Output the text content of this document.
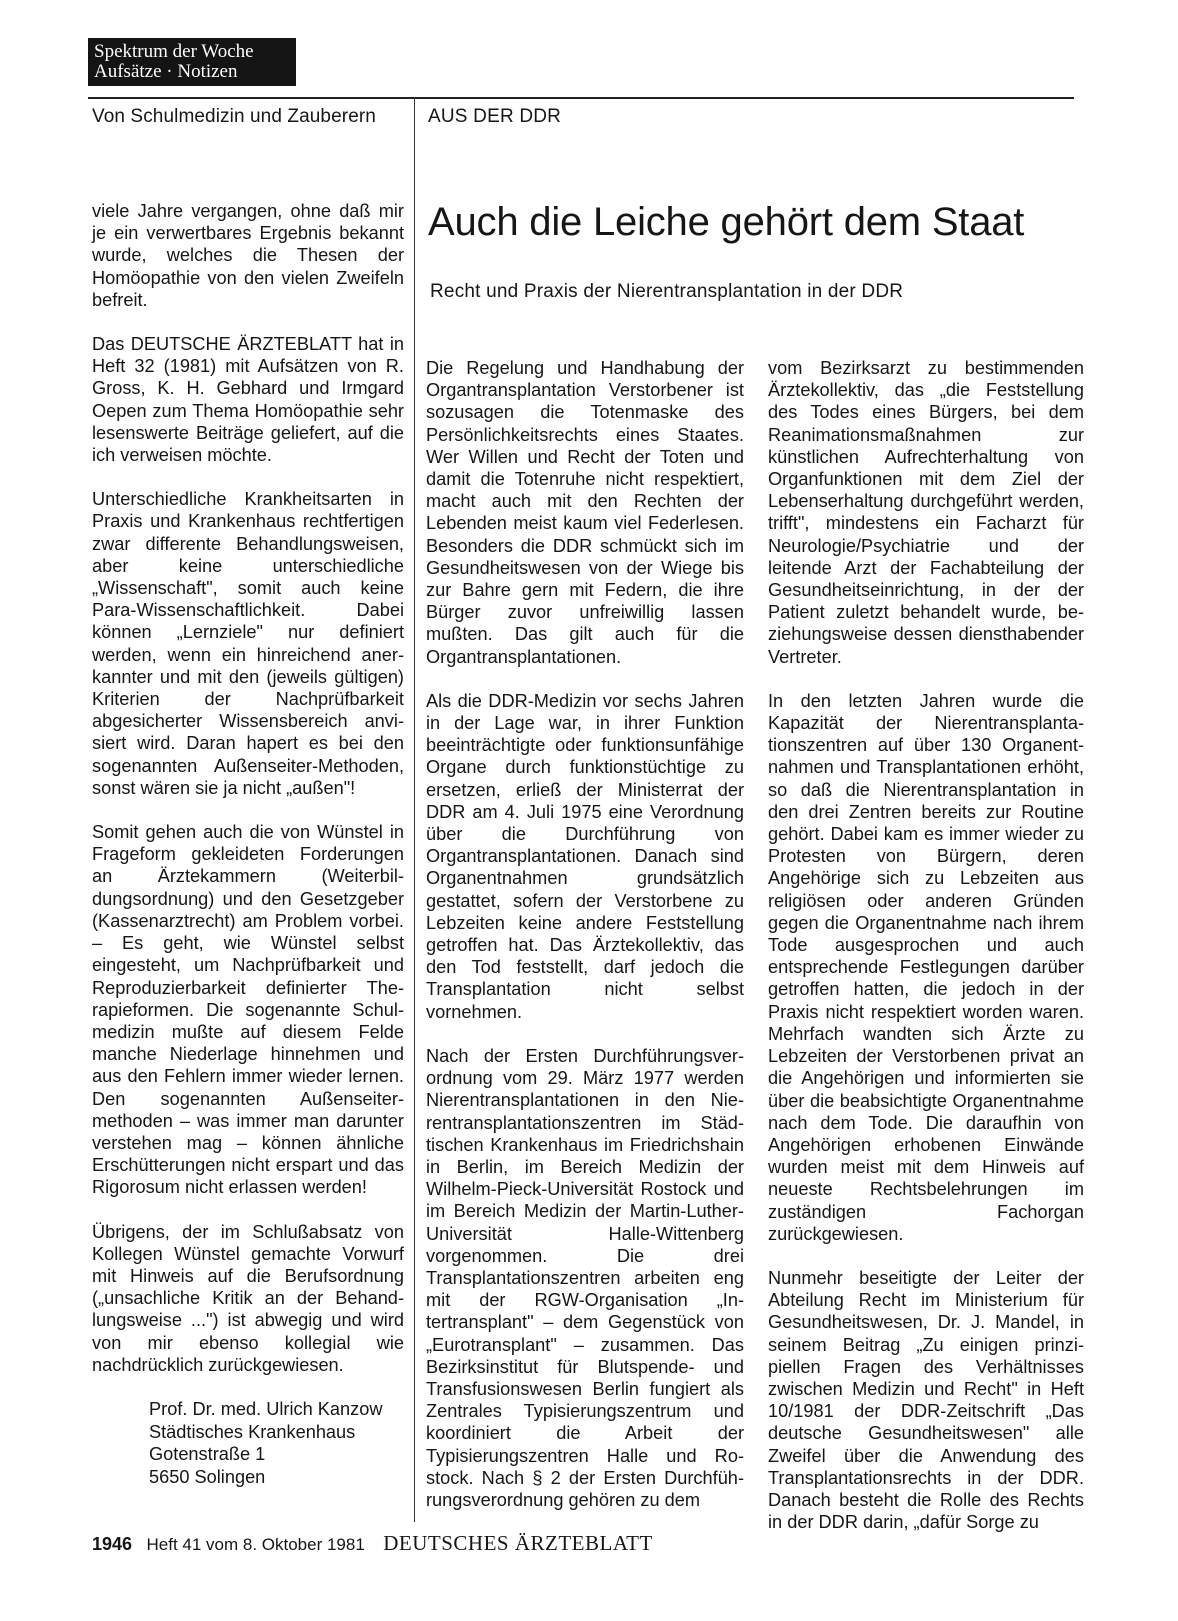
Spektrum der Woche
Aufsätze · Notizen
Von Schulmedizin und Zauberern	AUS DER DDR
Auch die Leiche gehört dem Staat
Recht und Praxis der Nierentransplantation in der DDR

viele Jahre vergangen, ohne daß mir je ein verwertbares Ergebnis bekannt wurde, welches die Thesen der Homöopathie von den vielen Zweifeln befreit.

Das DEUTSCHE ÄRZTEBLATT hat in Heft 32 (1981) mit Aufsätzen von R. Gross, K. H. Gebhard und Irmgard Oepen zum Thema Homöopathie sehr lesenswerte Beiträge geliefert, auf die ich verweisen möchte.

Unterschiedliche Krankheitsarten in Praxis und Krankenhaus rechtfertigen zwar differente Behandlungsweisen, aber keine unterschiedliche „Wissenschaft", somit auch keine Para-Wissenschaftlichkeit. Dabei können „Lernziele" nur definiert werden, wenn ein hinreichend anerkannter und mit den (jeweils gültigen) Kriterien der Nachprüfbarkeit abgesicherter Wissensbereich anvisiert wird. Daran hapert es bei den sogenannten Außenseiter-Methoden, sonst wären sie ja nicht „außen"!

Somit gehen auch die von Wünstel in Frageform gekleideten Forderungen an Ärztekammern (Weiterbildungsordnung) und den Gesetzgeber (Kassenarztrecht) am Problem vorbei. – Es geht, wie Wünstel selbst eingesteht, um Nachprüfbarkeit und Reproduzierbarkeit definierter Therapieformen. Die sogenannte Schulmedizin mußte auf diesem Felde manche Niederlage hinnehmen und aus den Fehlern immer wieder lernen. Den sogenannten Außenseitermethoden – was immer man darunter verstehen mag – können ähnliche Erschütterungen nicht erspart und das Rigorosum nicht erlassen werden!

Übrigens, der im Schlußabsatz von Kollegen Wünstel gemachte Vorwurf mit Hinweis auf die Berufsordnung („unsachliche Kritik an der Behandlungsweise ...") ist abwegig und wird von mir ebenso kollegial wie nachdrücklich zurückgewiesen.

Prof. Dr. med. Ulrich Kanzow
Städtisches Krankenhaus
Gotenstraße 1
5650 Solingen

Die Regelung und Handhabung der Organtransplantation Verstorbener ist sozusagen die Totenmaske des Persönlichkeitsrechts eines Staates. Wer Willen und Recht der Toten und damit die Totenruhe nicht respektiert, macht auch mit den Rechten der Lebenden meist kaum viel Federlesen. Besonders die DDR schmückt sich im Gesundheitswesen von der Wiege bis zur Bahre gern mit Federn, die ihre Bürger zuvor unfreiwillig lassen mußten. Das gilt auch für die Organtransplantationen.

Als die DDR-Medizin vor sechs Jahren in der Lage war, in ihrer Funktion beeinträchtigte oder funktionsunfähige Organe durch funktionstüchtige zu ersetzen, erließ der Ministerrat der DDR am 4. Juli 1975 eine Verordnung über die Durchführung von Organtransplantationen. Danach sind Organentnahmen grundsätzlich gestattet, sofern der Verstorbene zu Lebzeiten keine andere Feststellung getroffen hat. Das Ärztekollektiv, das den Tod feststellt, darf jedoch die Transplantation nicht selbst vornehmen.

Nach der Ersten Durchführungsverordnung vom 29. März 1977 werden Nierentransplantationen in den Nierentransplantationszentren im Städtischen Krankenhaus im Friedrichshain in Berlin, im Bereich Medizin der Wilhelm-Pieck-Universität Rostock und im Bereich Medizin der Martin-Luther-Universität Halle-Wittenberg vorgenommen. Die drei Transplantationszentren arbeiten eng mit der RGW-Organisation „Intertransplant" – dem Gegenstück von „Eurotransplant" – zusammen. Das Bezirksinstitut für Blutspende- und Transfusionswesen Berlin fungiert als Zentrales Typisierungszentrum und koordiniert die Arbeit der Typisierungszentren Halle und Rostock. Nach § 2 der Ersten Durchführungsverordnung gehören zu dem

vom Bezirksarzt zu bestimmenden Ärztekollektiv, das „die Feststellung des Todes eines Bürgers, bei dem Reanimationsmaßnahmen zur künstlichen Aufrechterhaltung von Organfunktionen mit dem Ziel der Lebenserhaltung durchgeführt werden, trifft", mindestens ein Facharzt für Neurologie/Psychiatrie und der leitende Arzt der Fachabteilung der Gesundheitseinrichtung, in der der Patient zuletzt behandelt wurde, beziehungsweise dessen diensthabender Vertreter.

In den letzten Jahren wurde die Kapazität der Nierentransplantationszentren auf über 130 Organentnahmen und Transplantationen erhöht, so daß die Nierentransplantation in den drei Zentren bereits zur Routine gehört. Dabei kam es immer wieder zu Protesten von Bürgern, deren Angehörige sich zu Lebzeiten aus religiösen oder anderen Gründen gegen die Organentnahme nach ihrem Tode ausgesprochen und auch entsprechende Festlegungen darüber getroffen hatten, die jedoch in der Praxis nicht respektiert worden waren. Mehrfach wandten sich Ärzte zu Lebzeiten der Verstorbenen privat an die Angehörigen und informierten sie über die beabsichtigte Organentnahme nach dem Tode. Die daraufhin von Angehörigen erhobenen Einwände wurden meist mit dem Hinweis auf neueste Rechtsbelehrungen im zuständigen Fachorgan zurückgewiesen.

Nunmehr beseitigte der Leiter der Abteilung Recht im Ministerium für Gesundheitswesen, Dr. J. Mandel, in seinem Beitrag „Zu einigen prinzipiellen Fragen des Verhältnisses zwischen Medizin und Recht" in Heft 10/1981 der DDR-Zeitschrift „Das deutsche Gesundheitswesen" alle Zweifel über die Anwendung des Transplantationsrechts in der DDR. Danach besteht die Rolle des Rechts in der DDR darin, „dafür Sorge zu

1946 Heft 41 vom 8. Oktober 1981 DEUTSCHES ÄRZTEBLATT
